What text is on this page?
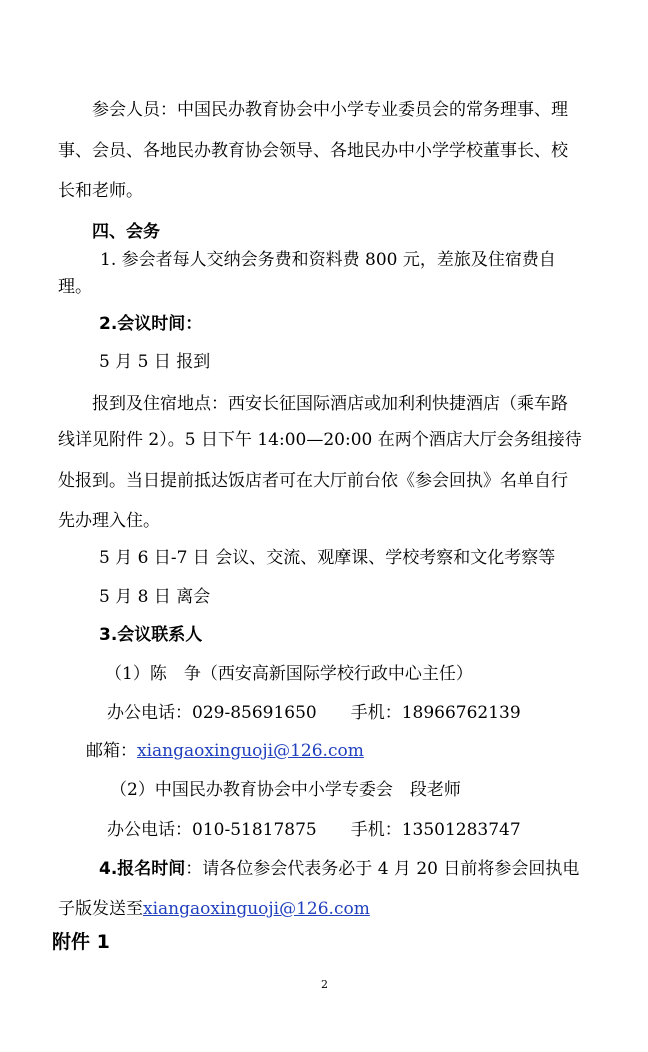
参会人员：中国民办教育协会中小学专业委员会的常务理事、理
事、会员、各地民办教育协会领导、各地民办中小学学校董事长、校
长和老师。
四、会务
1. 参会者每人交纳会务费和资料费 800 元，差旅及住宿费自
理。
2.会议时间：
5 月 5 日 报到
报到及住宿地点：西安长征国际酒店或加利利快捷酒店（乘车路
线详见附件 2）。5 日下午 14:00—20:00 在两个酒店大厅会务组接待
处报到。当日提前抵达饭店者可在大厅前台依《参会回执》名单自行
先办理入住。
5 月 6 日-7 日 会议、交流、观摩课、学校考察和文化考察等
5 月 8 日 离会
3.会议联系人
（1）陈　争（西安高新国际学校行政中心主任）
办公电话：029-85691650　　手机：18966762139
邮箱：xiangaoxinguoji@126.com
（2）中国民办教育协会中小学专委会　段老师
办公电话：010-51817875　　手机：13501283747
4.报名时间：请各位参会代表务必于 4 月 20 日前将参会回执电
子版发送至xiangaoxinguoji@126.com
附件 1
2
